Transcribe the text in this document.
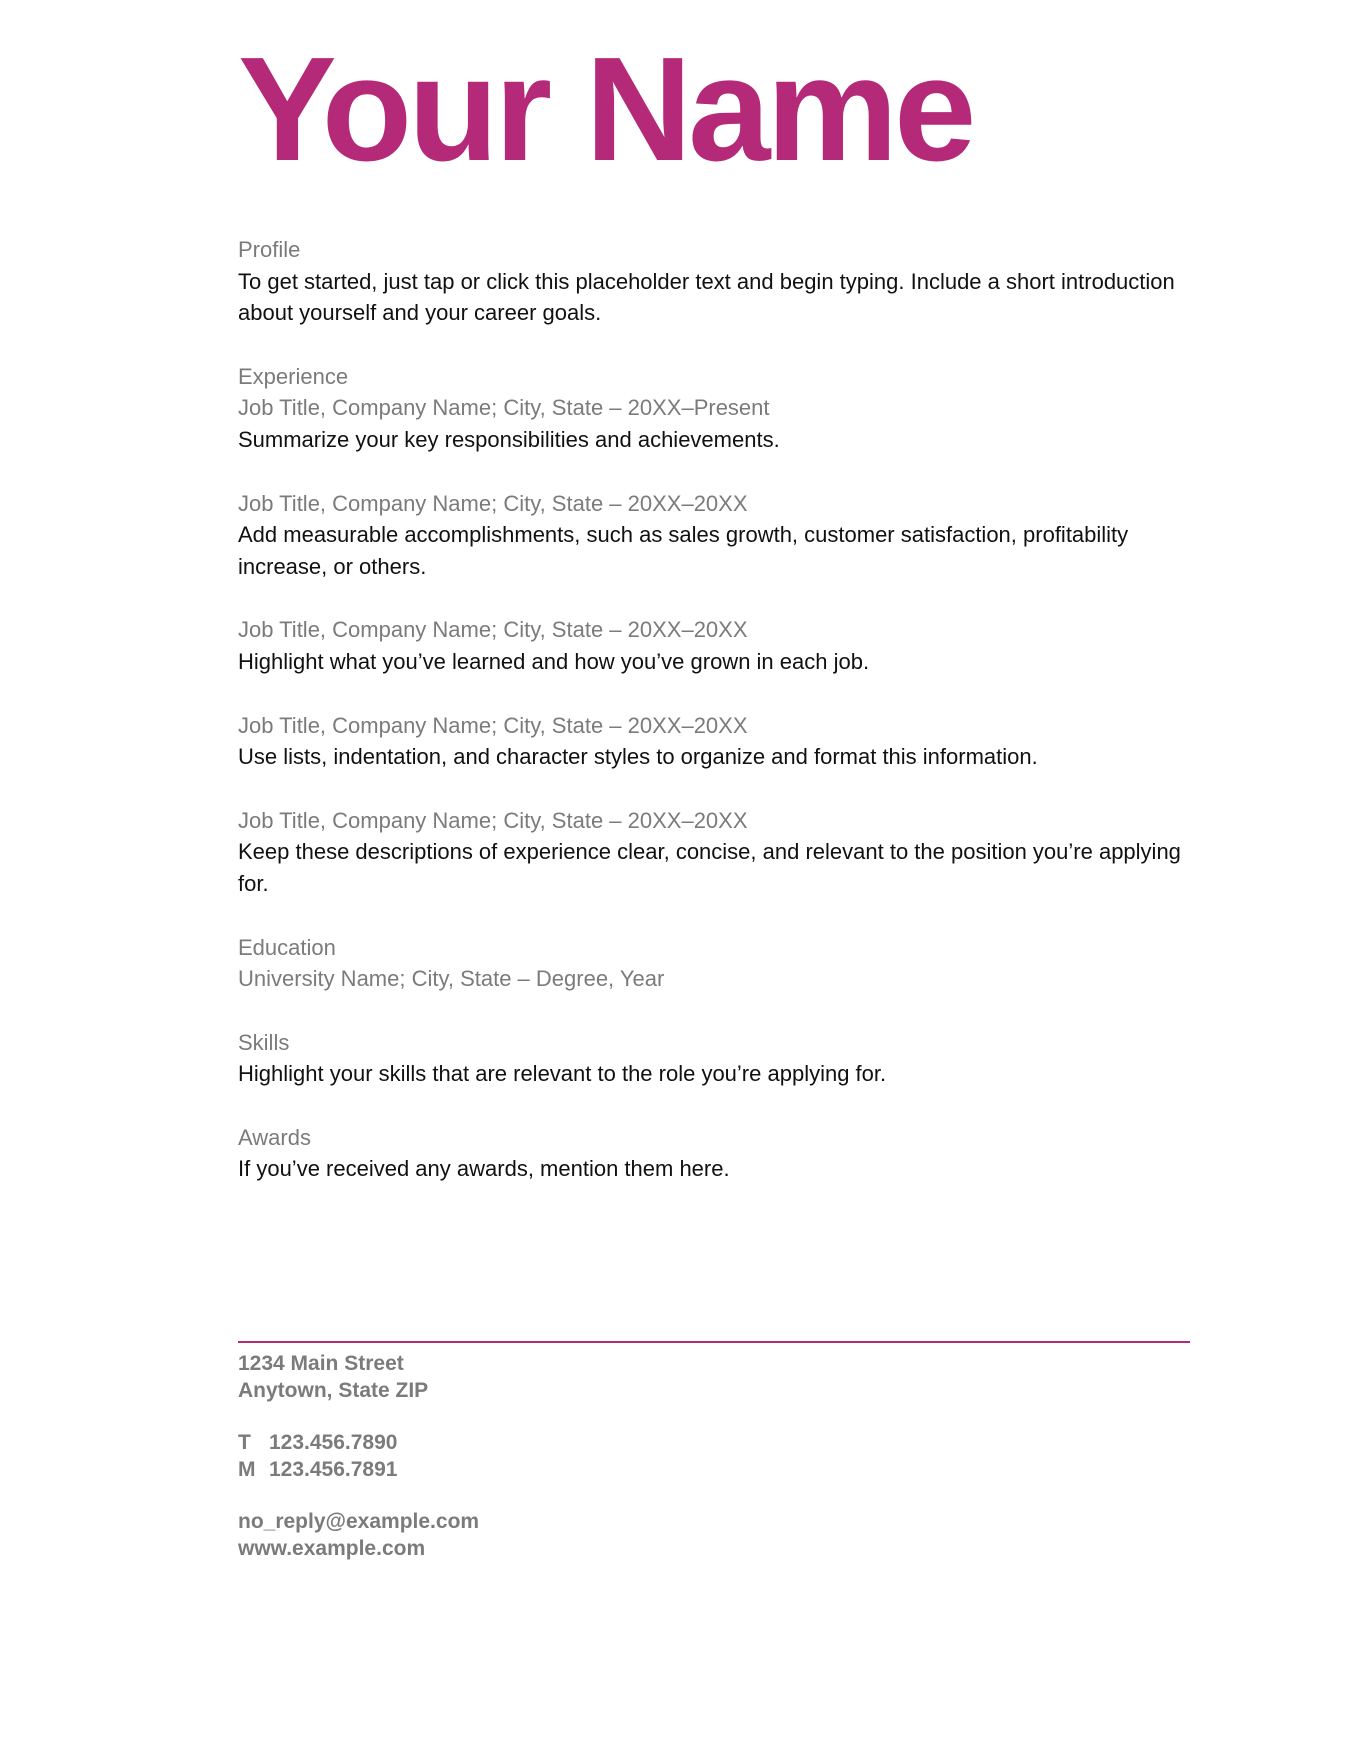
Your Name

Profile

To get started, just tap or click this placeholder text and begin typing. Include a short introduction about yourself and your career goals.

Experience

Job Title, Company Name; City, State – 20XX–Present

Summarize your key responsibilities and achievements.

Job Title, Company Name; City, State – 20XX–20XX

Add measurable accomplishments, such as sales growth, customer satisfaction, profitability increase, or others.

Job Title, Company Name; City, State – 20XX–20XX

Highlight what you’ve learned and how you’ve grown in each job.

Job Title, Company Name; City, State – 20XX–20XX

Use lists, indentation, and character styles to organize and format this information.

Job Title, Company Name; City, State – 20XX–20XX

Keep these descriptions of experience clear, concise, and relevant to the position you’re applying for.

Education

University Name; City, State – Degree, Year

Skills

Highlight your skills that are relevant to the role you’re applying for.

Awards

If you’ve received any awards, mention them here.

1234 Main Street

Anytown, State ZIP

T 123.456.7890

M 123.456.7891

no_reply@example.com

www.example.com
